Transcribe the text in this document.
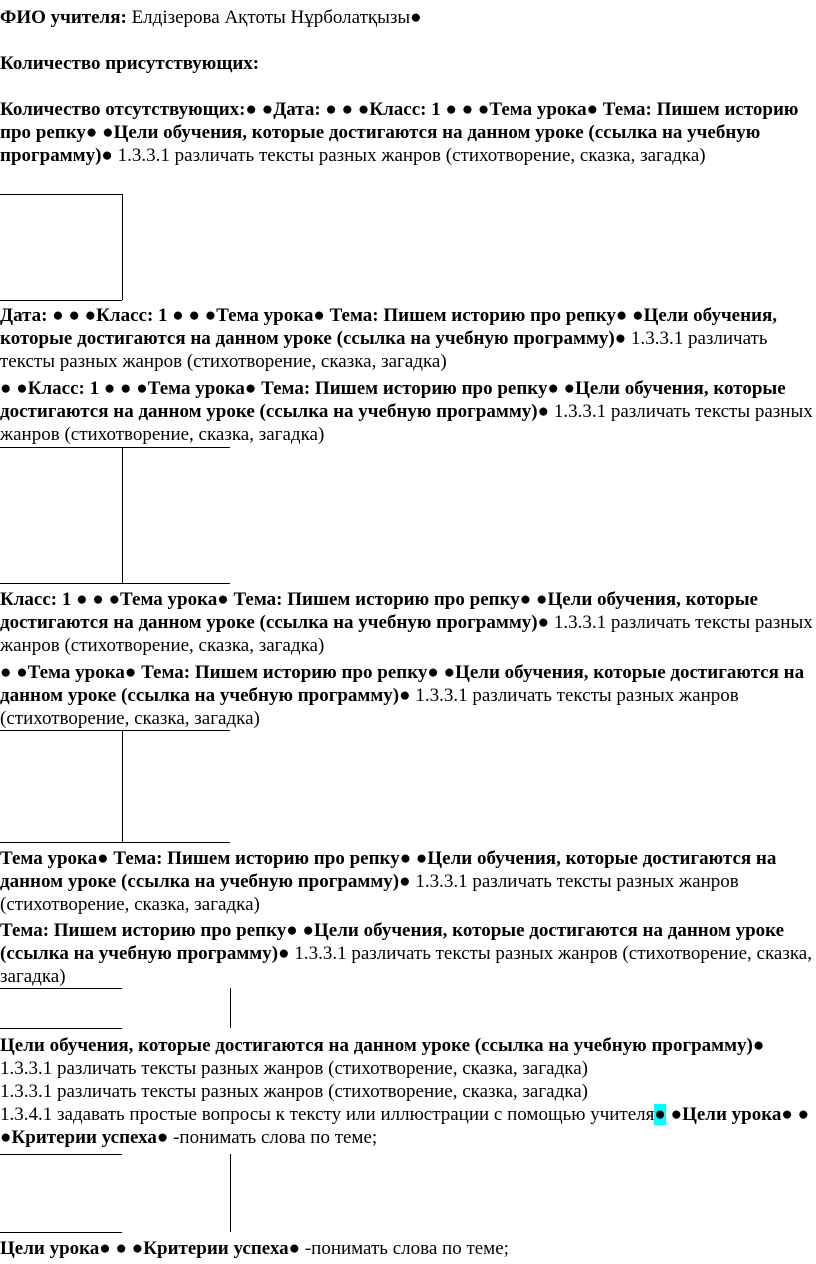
ФИО учителя: Елдізерова Ақтоты Нұрболатқызы●

Количество присутствующих:

Количество отсутствующих:● ●Дата: ● ● ●Класс: 1 ● ● ●Тема урока● Тема: Пишем историю про репку● ●Цели обучения, которые достигаются на данном уроке (ссылка на учебную программу)● 1.3.3.1 различать тексты разных жанров (стихотворение, сказка, загадка)

Дата: ● ● ●Класс: 1 ● ● ●Тема урока● Тема: Пишем историю про репку● ●Цели обучения, которые достигаются на данном уроке (ссылка на учебную программу)● 1.3.3.1 различать тексты разных жанров (стихотворение, сказка, загадка)

● ●Класс: 1 ● ● ●Тема урока● Тема: Пишем историю про репку● ●Цели обучения, которые достигаются на данном уроке (ссылка на учебную программу)● 1.3.3.1 различать тексты разных жанров (стихотворение, сказка, загадка)

Класс: 1 ● ● ●Тема урока● Тема: Пишем историю про репку● ●Цели обучения, которые достигаются на данном уроке (ссылка на учебную программу)● 1.3.3.1 различать тексты разных жанров (стихотворение, сказка, загадка)

● ●Тема урока● Тема: Пишем историю про репку● ●Цели обучения, которые достигаются на данном уроке (ссылка на учебную программу)● 1.3.3.1 различать тексты разных жанров (стихотворение, сказка, загадка)

Тема урока● Тема: Пишем историю про репку● ●Цели обучения, которые достигаются на данном уроке (ссылка на учебную программу)● 1.3.3.1 различать тексты разных жанров (стихотворение, сказка, загадка)

Тема: Пишем историю про репку● ●Цели обучения, которые достигаются на данном уроке (ссылка на учебную программу)● 1.3.3.1 различать тексты разных жанров (стихотворение, сказка, загадка)

Цели обучения, которые достигаются на данном уроке (ссылка на учебную программу)● 1.3.3.1 различать тексты разных жанров (стихотворение, сказка, загадка)
1.3.3.1 различать тексты разных жанров (стихотворение, сказка, загадка)
1.3.4.1 задавать простые вопросы к тексту или иллюстрации с помощью учителя● ●Цели урока● ● ●Критерии успеха● -понимать слова по теме;

Цели урока● ● ●Критерии успеха● -понимать слова по теме;
